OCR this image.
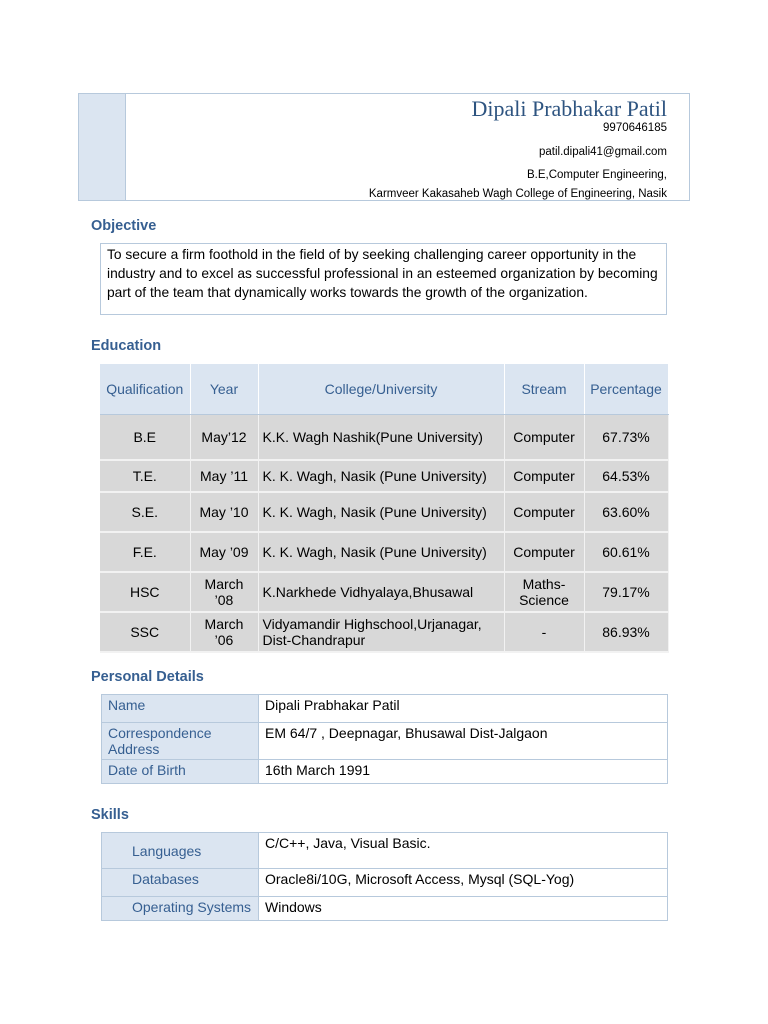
Dipali Prabhakar Patil
9970646185
patil.dipali41@gmail.com
B.E,Computer Engineering,
Karmveer Kakasaheb Wagh College of Engineering, Nasik
Objective
To secure a firm foothold in the field of by seeking challenging career opportunity in the industry and to excel as successful professional in an esteemed organization by becoming part of the team that dynamically works towards the growth of the organization.
Education
Qualification	Year	College/University	Stream	Percentage
B.E	May’12	K.K. Wagh Nashik(Pune University)	Computer	67.73%
T.E.	May ’11	K. K. Wagh, Nasik (Pune University)	Computer	64.53%
S.E.	May ’10	K. K. Wagh, Nasik (Pune University)	Computer	63.60%
F.E.	May ’09	K. K. Wagh, Nasik (Pune University)	Computer	60.61%
HSC	March ’08	K.Narkhede Vidhyalaya,Bhusawal	Maths-Science	79.17%
SSC	March ’06	Vidyamandir Highschool,Urjanagar, Dist-Chandrapur	-	86.93%
Personal Details
Name	Dipali Prabhakar Patil
Correspondence Address	EM 64/7 , Deepnagar, Bhusawal Dist-Jalgaon
Date of Birth	16th March 1991
Skills
Languages	C/C++, Java, Visual Basic.
Databases	Oracle8i/10G, Microsoft Access, Mysql (SQL-Yog)
Operating Systems	Windows
